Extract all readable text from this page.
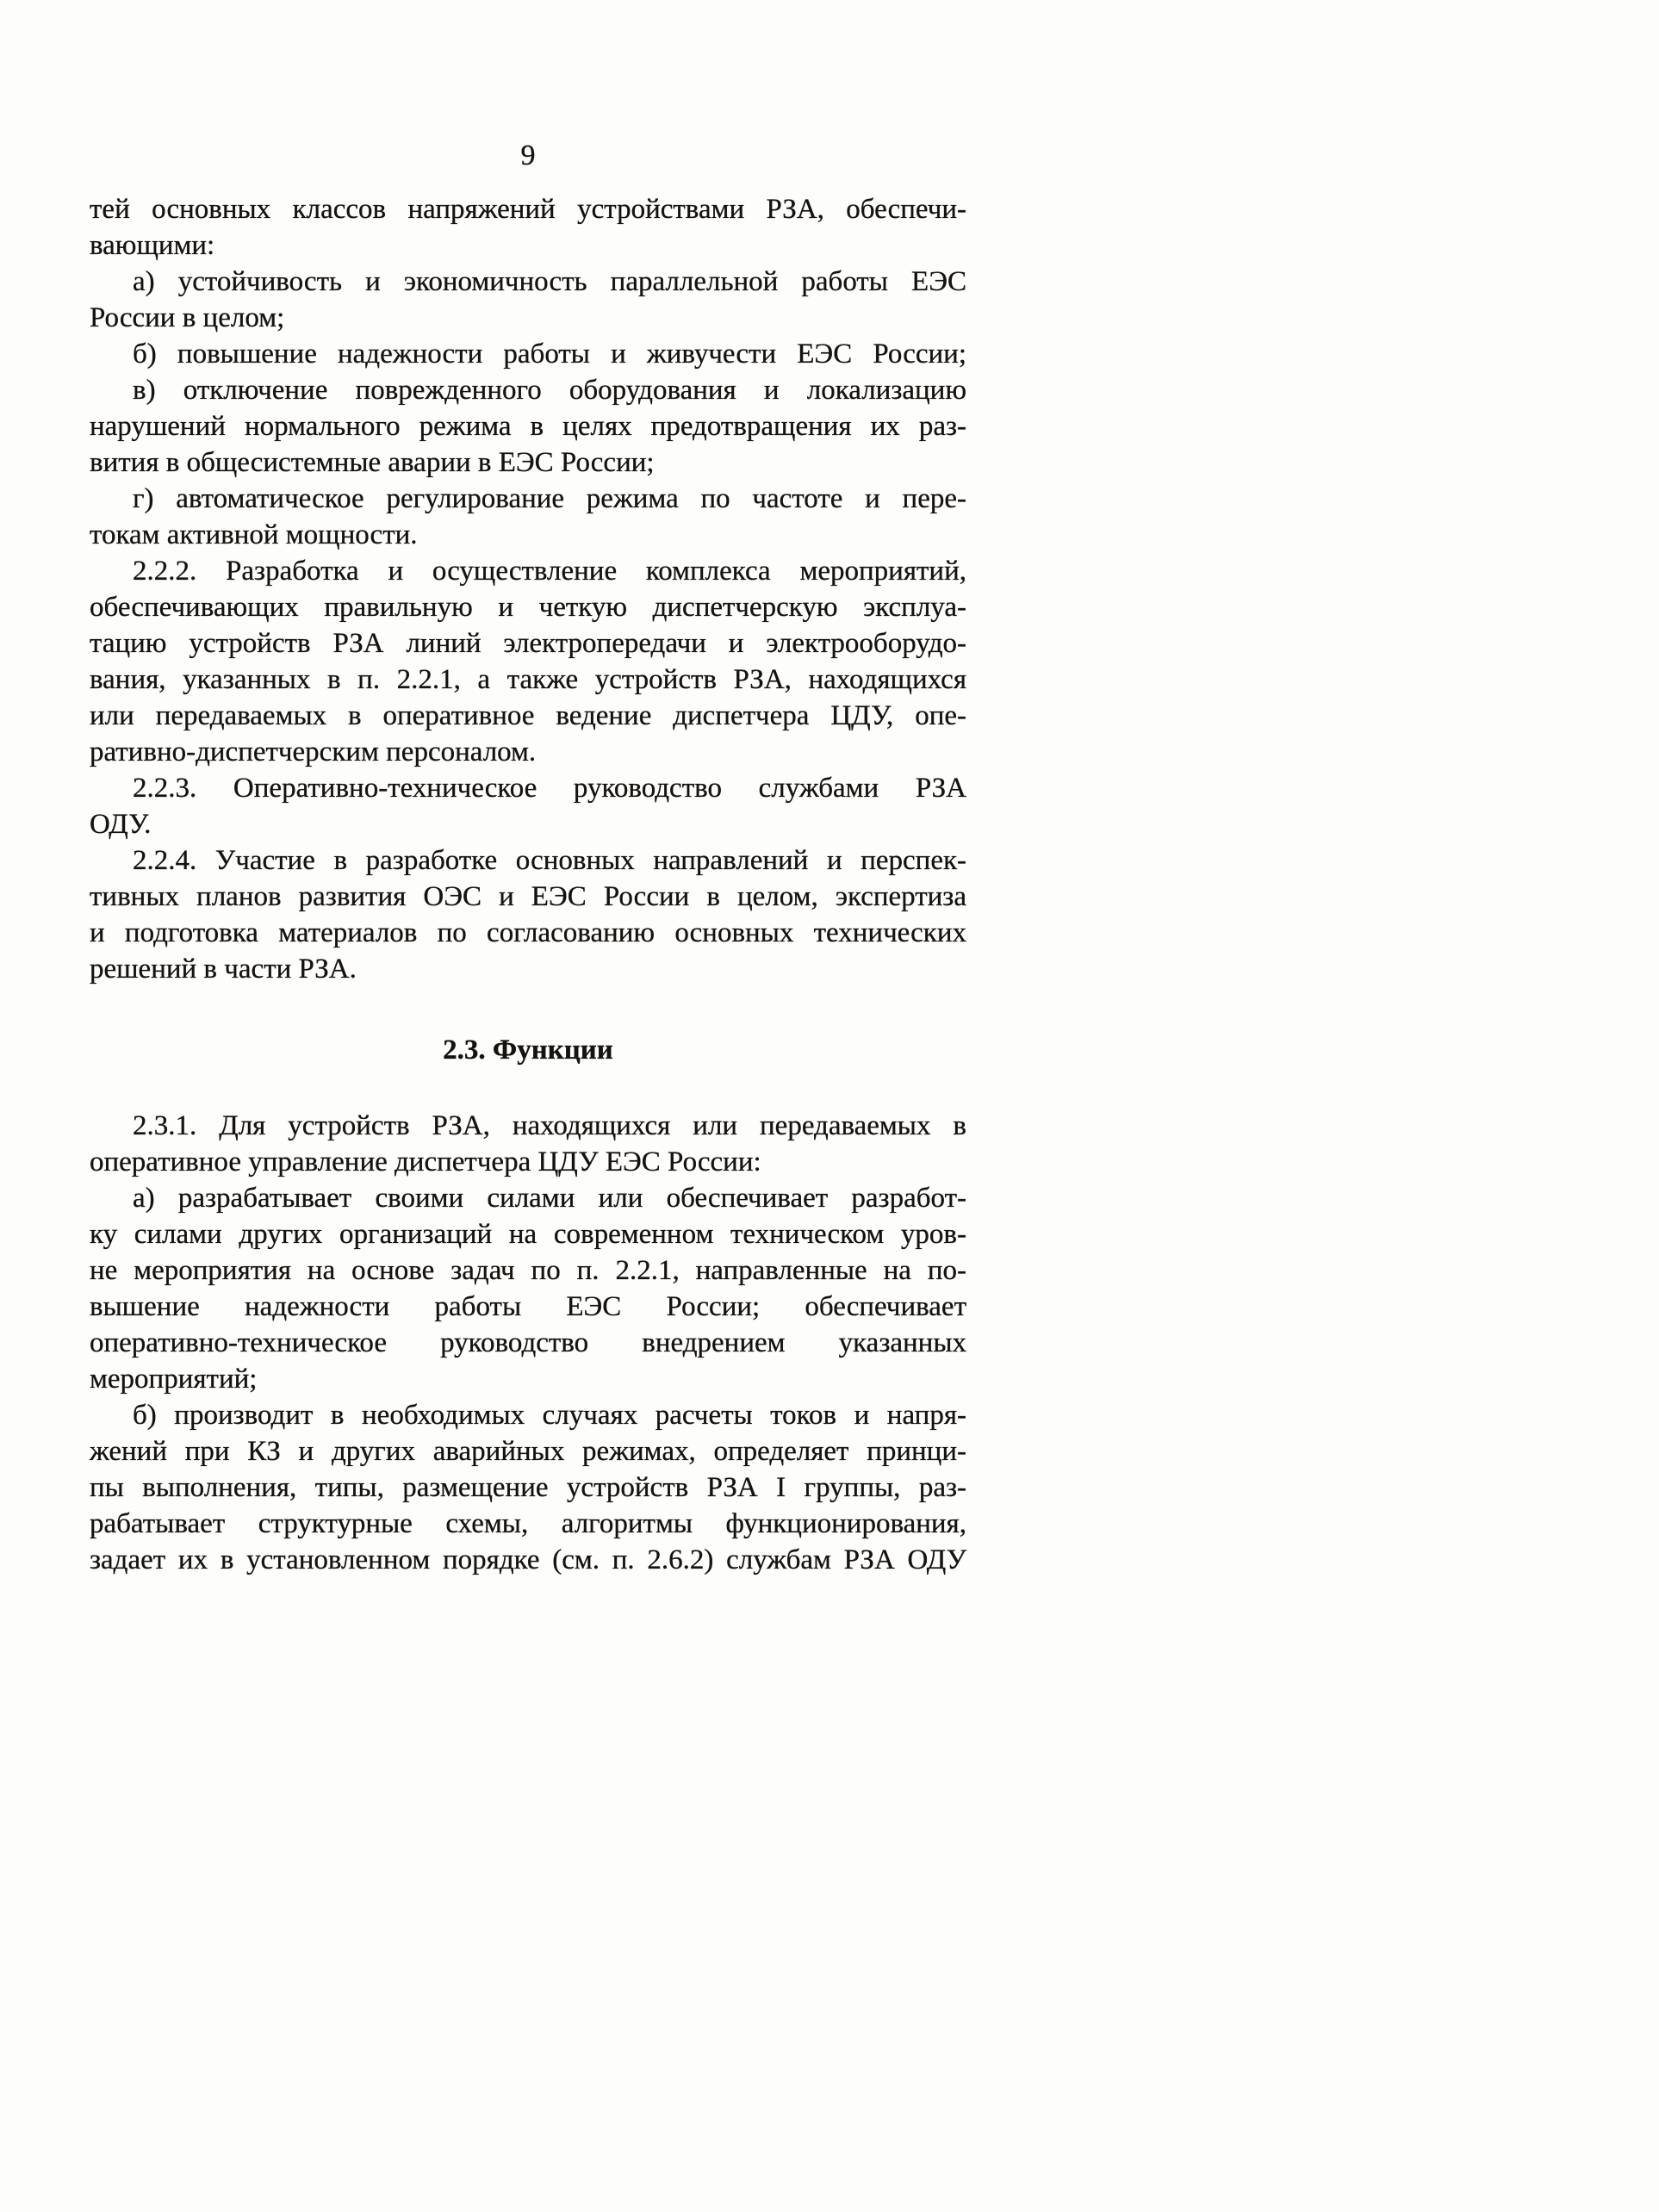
9
тей основных классов напряжений устройствами РЗА, обеспечи-
вающими:
а) устойчивость и экономичность параллельной работы ЕЭС
России в целом;
б) повышение надежности работы и живучести ЕЭС России;
в) отключение поврежденного оборудования и локализацию
нарушений нормального режима в целях предотвращения их раз-
вития в общесистемные аварии в ЕЭС России;
г) автоматическое регулирование режима по частоте и пере-
токам активной мощности.
2.2.2. Разработка и осуществление комплекса мероприятий,
обеспечивающих правильную и четкую диспетчерскую эксплуа-
тацию устройств РЗА линий электропередачи и электрооборудо-
вания, указанных в п. 2.2.1, а также устройств РЗА, находящихся
или передаваемых в оперативное ведение диспетчера ЦДУ, опе-
ративно-диспетчерским персоналом.
2.2.3. Оперативно-техническое руководство службами РЗА
ОДУ.
2.2.4. Участие в разработке основных направлений и перспек-
тивных планов развития ОЭС и ЕЭС России в целом, экспертиза
и подготовка материалов по согласованию основных технических
решений в части РЗА.
2.3. Функции
2.3.1. Для устройств РЗА, находящихся или передаваемых в
оперативное управление диспетчера ЦДУ ЕЭС России:
а) разрабатывает своими силами или обеспечивает разработ-
ку силами других организаций на современном техническом уров-
не мероприятия на основе задач по п. 2.2.1, направленные на по-
вышение надежности работы ЕЭС России; обеспечивает
оперативно-техническое руководство внедрением указанных
мероприятий;
б) производит в необходимых случаях расчеты токов и напря-
жений при КЗ и других аварийных режимах, определяет принци-
пы выполнения, типы, размещение устройств РЗА I группы, раз-
рабатывает структурные схемы, алгоритмы функционирования,
задает их в установленном порядке (см. п. 2.6.2) службам РЗА ОДУ
